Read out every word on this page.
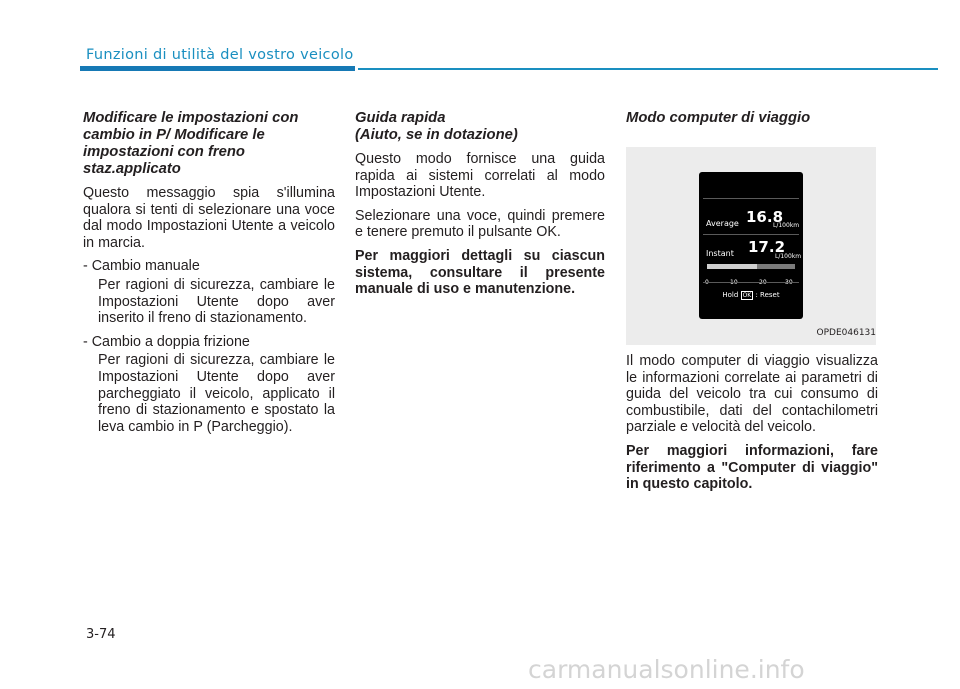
Funzioni di utilità del vostro veicolo
Modificare le impostazioni con cambio in P/ Modificare le impostazioni con freno staz.applicato

Questo messaggio spia s'illumina qualora si tenti di selezionare una voce dal modo Impostazioni Utente a veicolo in marcia.

- Cambio manuale
Per ragioni di sicurezza, cambiare le Impostazioni Utente dopo aver inserito il freno di stazionamento.
- Cambio a doppia frizione
Per ragioni di sicurezza, cambiare le Impostazioni Utente dopo aver parcheggiato il veicolo, applicato il freno di stazionamento e spostato la leva cambio in P (Parcheggio).
Guida rapida
(Aiuto, se in dotazione)

Questo modo fornisce una guida rapida ai sistemi correlati al modo Impostazioni Utente.

Selezionare una voce, quindi premere e tenere premuto il pulsante OK.

Per maggiori dettagli su ciascun sistema, consultare il presente manuale di uso e manutenzione.

Modo computer di viaggio
Average 16.8
L/100km
Instant 17.2
L/100km
Hold OK : Reset
OPDE046131

Il modo computer di viaggio visualizza le informazioni correlate ai parametri di guida del veicolo tra cui consumo di combustibile, dati del contachilometri parziale e velocità del veicolo.

Per maggiori informazioni, fare riferimento a "Computer di viaggio" in questo capitolo.

3-74
carmanualsonline.info
